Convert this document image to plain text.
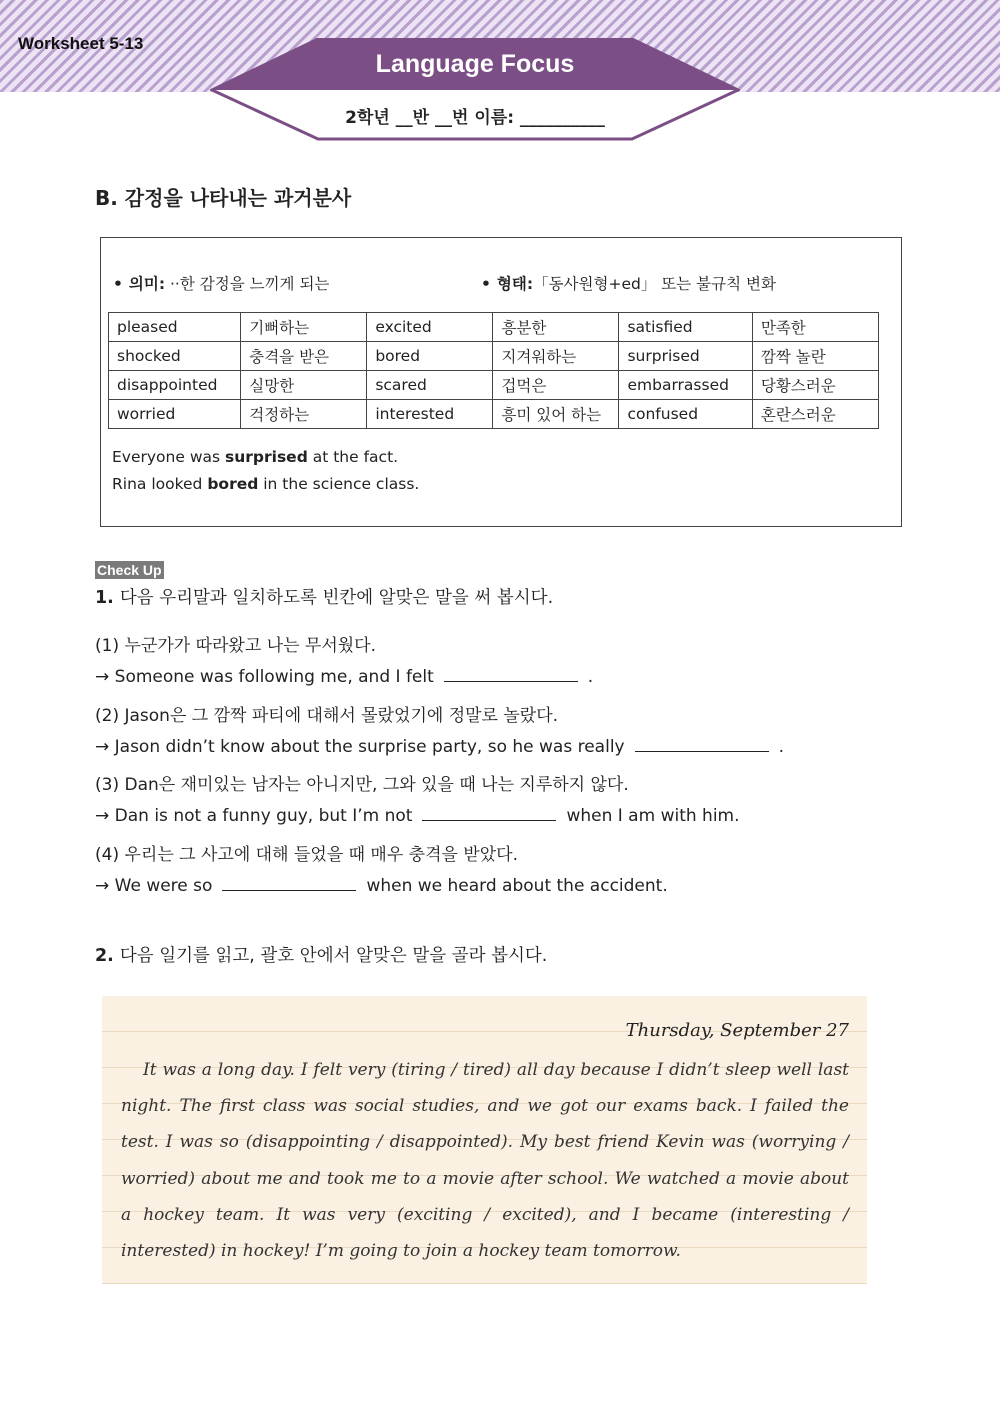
Worksheet 5-13
Language Focus
2학년 __반 __번 이름: __________
B. 감정을 나타내는 과거분사
• 의미: ··한 감정을 느끼게 되는	• 형태:「동사원형+ed」 또는 불규칙 변화
pleased	기뻐하는	excited	흥분한	satisfied	만족한
shocked	충격을 받은	bored	지겨워하는	surprised	깜짝 놀란
disappointed	실망한	scared	겁먹은	embarrassed	당황스러운
worried	걱정하는	interested	흥미 있어 하는	confused	혼란스러운
Everyone was surprised at the fact.
Rina looked bored in the science class.
Check Up
1. 다음 우리말과 일치하도록 빈칸에 알맞은 말을 써 봅시다.
(1) 누군가가 따라왔고 나는 무서웠다.
→ Someone was following me, and I felt	.
(2) Jason은 그 깜짝 파티에 대해서 몰랐었기에 정말로 놀랐다.
→ Jason didn’t know about the surprise party, so he was really	.
(3) Dan은 재미있는 남자는 아니지만, 그와 있을 때 나는 지루하지 않다.
→ Dan is not a funny guy, but I’m not	when I am with him.
(4) 우리는 그 사고에 대해 들었을 때 매우 충격을 받았다.
→ We were so	when we heard about the accident.
2. 다음 일기를 읽고, 괄호 안에서 알맞은 말을 골라 봅시다.
Thursday, September 27
It was a long day. I felt very (tiring / tired) all day because I didn’t sleep well last night. The first class was social studies, and we got our exams back. I failed the test. I was so (disappointing / disappointed). My best friend Kevin was (worrying / worried) about me and took me to a movie after school. We watched a movie about a hockey team. It was very (exciting / excited), and I became (interesting / interested) in hockey! I’m going to join a hockey team tomorrow.
